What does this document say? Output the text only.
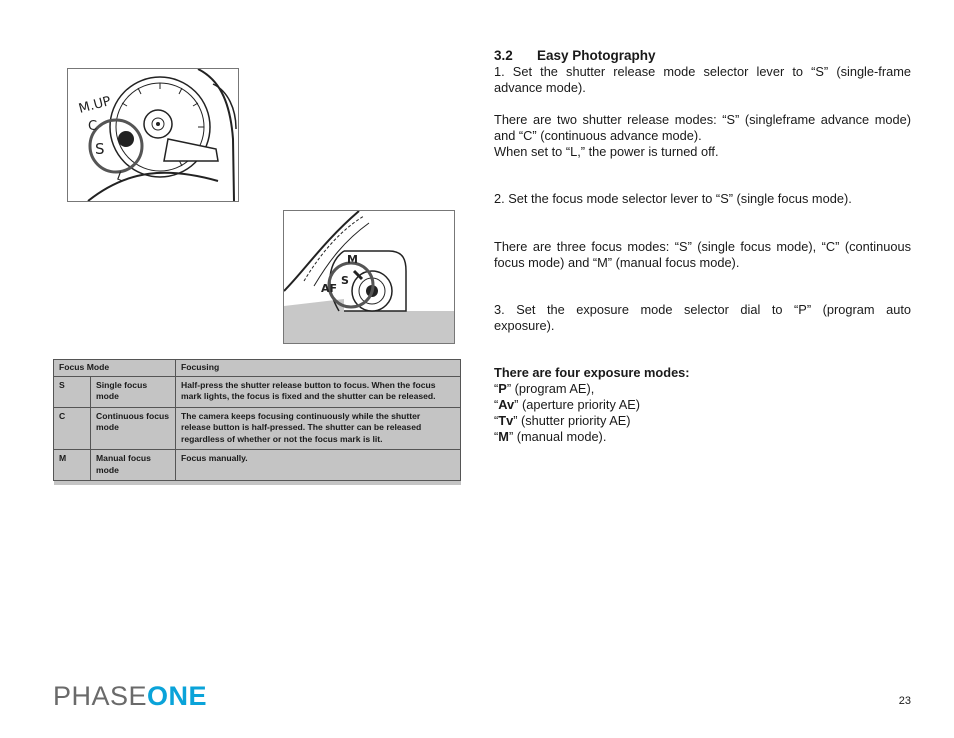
M.UP
C
S
L
M
S
AF
Focus Mode		Focusing
S	Single focus mode	Half-press the shutter release button to focus. When the focus mark lights, the focus is fixed and the shutter can be released.
C	Continuous focus mode	The camera keeps focusing continuously while the shutter release button is half-pressed. The shutter can be released regardless of whether or not the focus mark is lit.
M	Manual focus mode	Focus manually.

3.2 Easy Photography

1. Set the shutter release mode selector lever to “S” (single-frame

advance mode).

There are two shutter release modes: “S” (singleframe advance mode)

and “C” (continuous advance mode).

When set to “L,” the power is turned off.

2. Set the focus mode selector lever to “S” (single focus mode).

There are three focus modes: “S” (single focus mode), “C” (continuous

focus mode) and “M” (manual focus mode).

3. Set the exposure mode selector dial to “P” (program auto

exposure).

There are four exposure modes:

“P” (program AE),

“Av” (aperture priority AE)

“Tv” (shutter priority AE)

“M” (manual mode).

PHASEONE	23
